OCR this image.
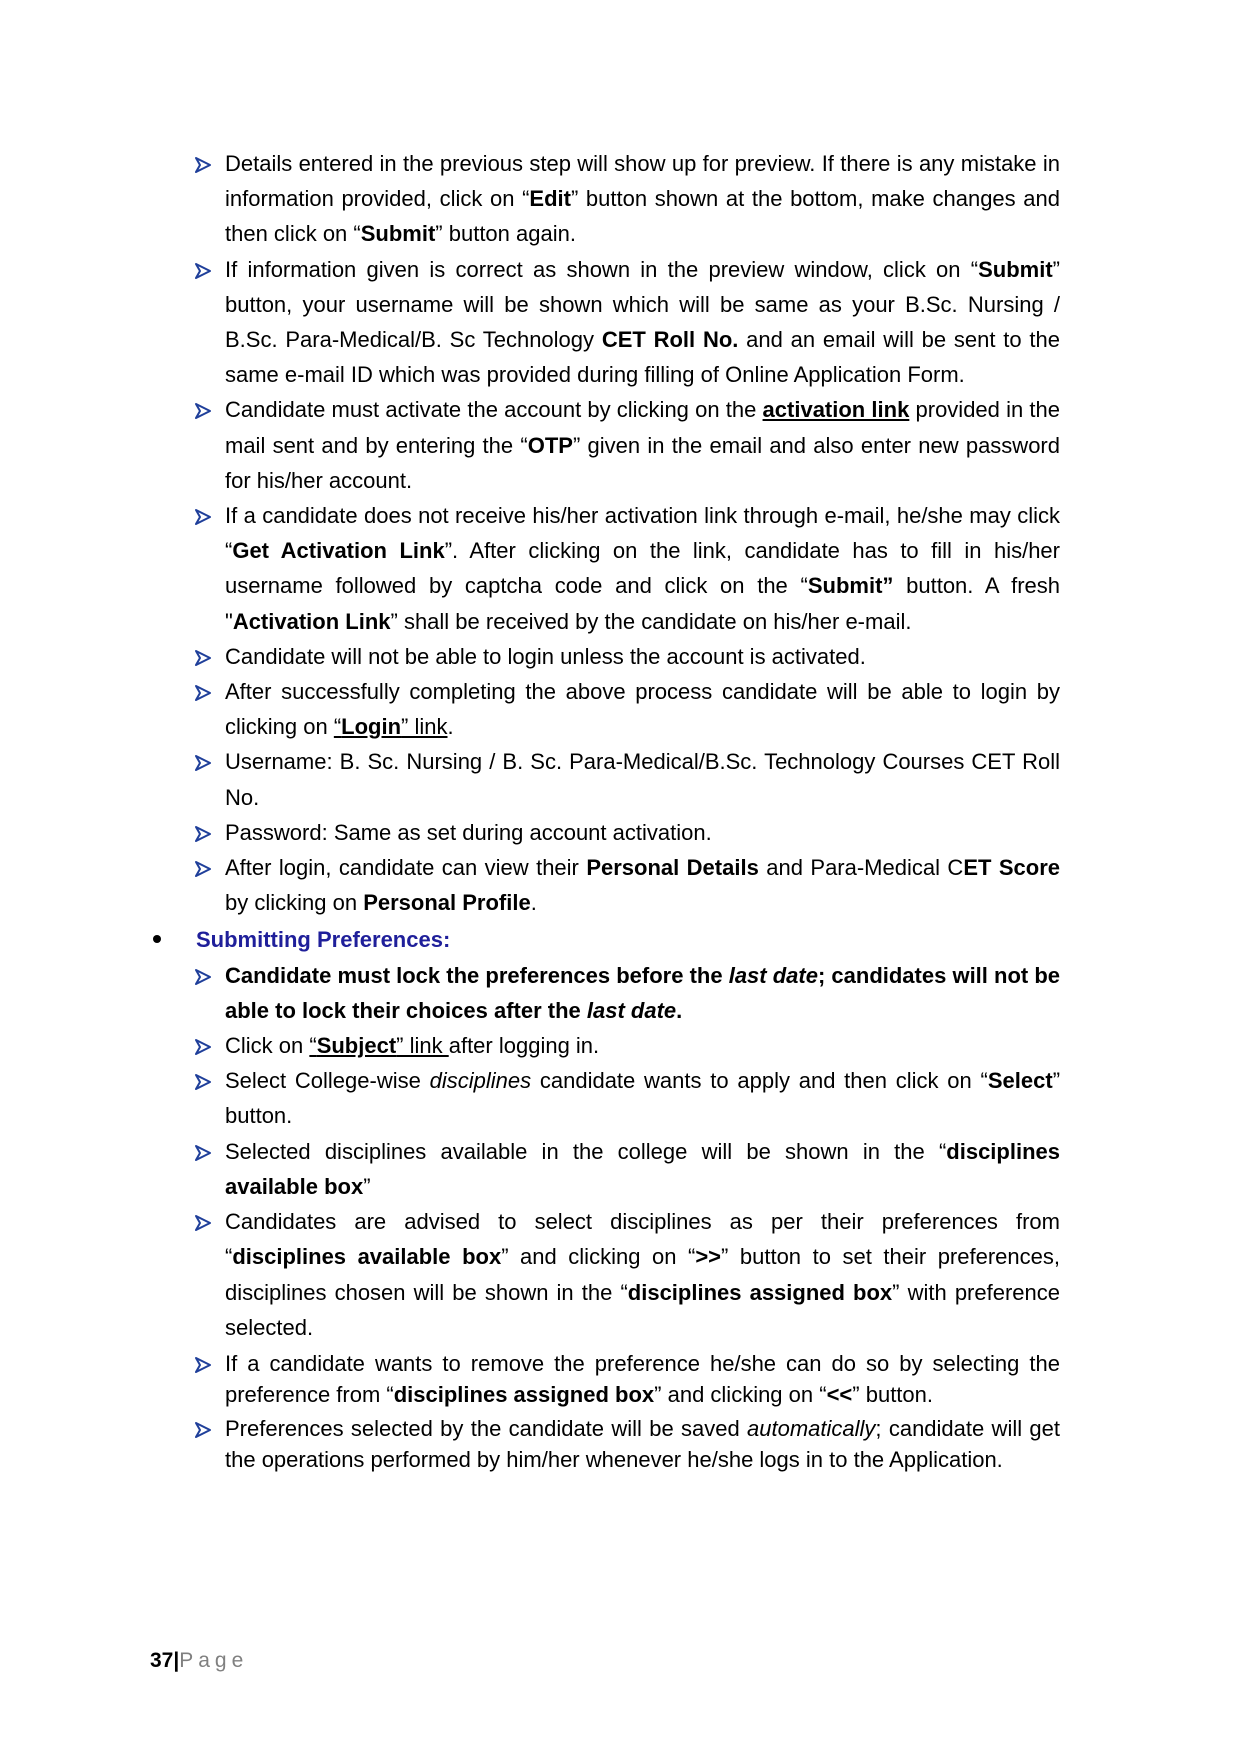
Details entered in the previous step will show up for preview. If there is any mistake in information provided, click on “Edit” button shown at the bottom, make changes and then click on “Submit” button again.
If information given is correct as shown in the preview window, click on “Submit” button, your username will be shown which will be same as your B.Sc. Nursing / B.Sc. Para-Medical/B. Sc Technology CET Roll No. and an email will be sent to the same e-mail ID which was provided during filling of Online Application Form.
Candidate must activate the account by clicking on the activation link provided in the mail sent and by entering the “OTP” given in the email and also enter new password for his/her account.
If a candidate does not receive his/her activation link through e-mail, he/she may click “Get Activation Link”. After clicking on the link, candidate has to fill in his/her username followed by captcha code and click on the “Submit” button. A fresh "Activation Link” shall be received by the candidate on his/her e-mail.
Candidate will not be able to login unless the account is activated.
After successfully completing the above process candidate will be able to login by clicking on “Login” link.
Username: B. Sc. Nursing / B. Sc. Para-Medical/B.Sc. Technology Courses CET Roll No.
Password: Same as set during account activation.
After login, candidate can view their Personal Details and Para-Medical CET Score by clicking on Personal Profile.
Submitting Preferences:
Candidate must lock the preferences before the last date; candidates will not be able to lock their choices after the last date.
Click on “Subject” link after logging in.
Select College-wise disciplines candidate wants to apply and then click on “Select” button.
Selected disciplines available in the college will be shown in the “disciplines available box”
Candidates are advised to select disciplines as per their preferences from “disciplines available box” and clicking on “>>” button to set their preferences, disciplines chosen will be shown in the “disciplines assigned box” with preference selected.
If a candidate wants to remove the preference he/she can do so by selecting the preference from “disciplines assigned box” and clicking on “<<” button.
Preferences selected by the candidate will be saved automatically; candidate will get the operations performed by him/her whenever he/she logs in to the Application.
37|Page
